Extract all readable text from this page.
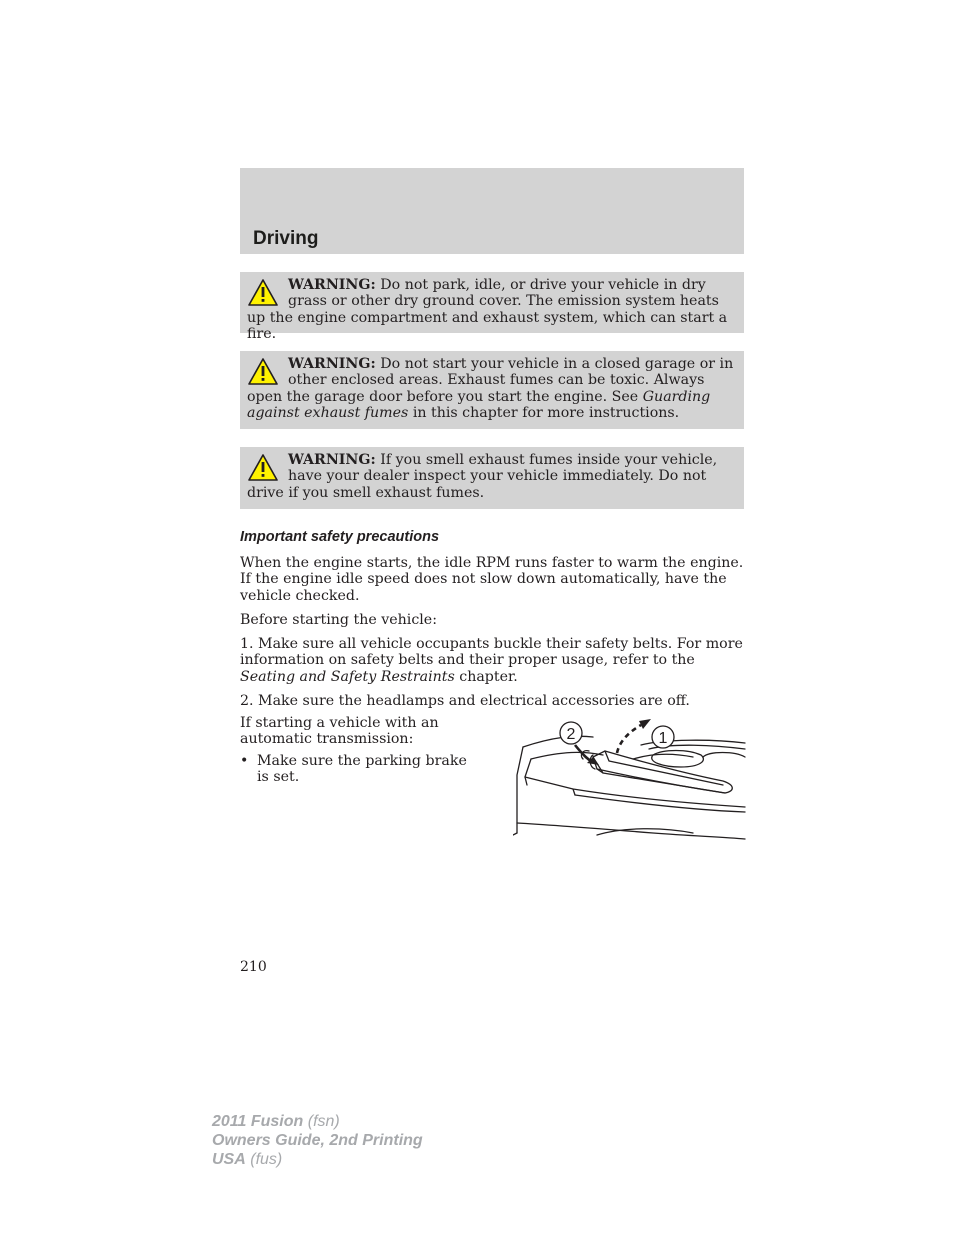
Driving
WARNING: Do not park, idle, or drive your vehicle in dry grass or other dry ground cover. The emission system heats up the engine compartment and exhaust system, which can start a fire.
WARNING: Do not start your vehicle in a closed garage or in other enclosed areas. Exhaust fumes can be toxic. Always open the garage door before you start the engine. See Guarding against exhaust fumes in this chapter for more instructions.
WARNING: If you smell exhaust fumes inside your vehicle, have your dealer inspect your vehicle immediately. Do not drive if you smell exhaust fumes.
Important safety precautions

When the engine starts, the idle RPM runs faster to warm the engine. If the engine idle speed does not slow down automatically, have the vehicle checked.

Before starting the vehicle:

1. Make sure all vehicle occupants buckle their safety belts. For more information on safety belts and their proper usage, refer to the Seating and Safety Restraints chapter.

2. Make sure the headlamps and electrical accessories are off.

If starting a vehicle with an automatic transmission:

• Make sure the parking brake is set.
2	1
210
2011 Fusion (fsn)
Owners Guide, 2nd Printing
USA (fus)
